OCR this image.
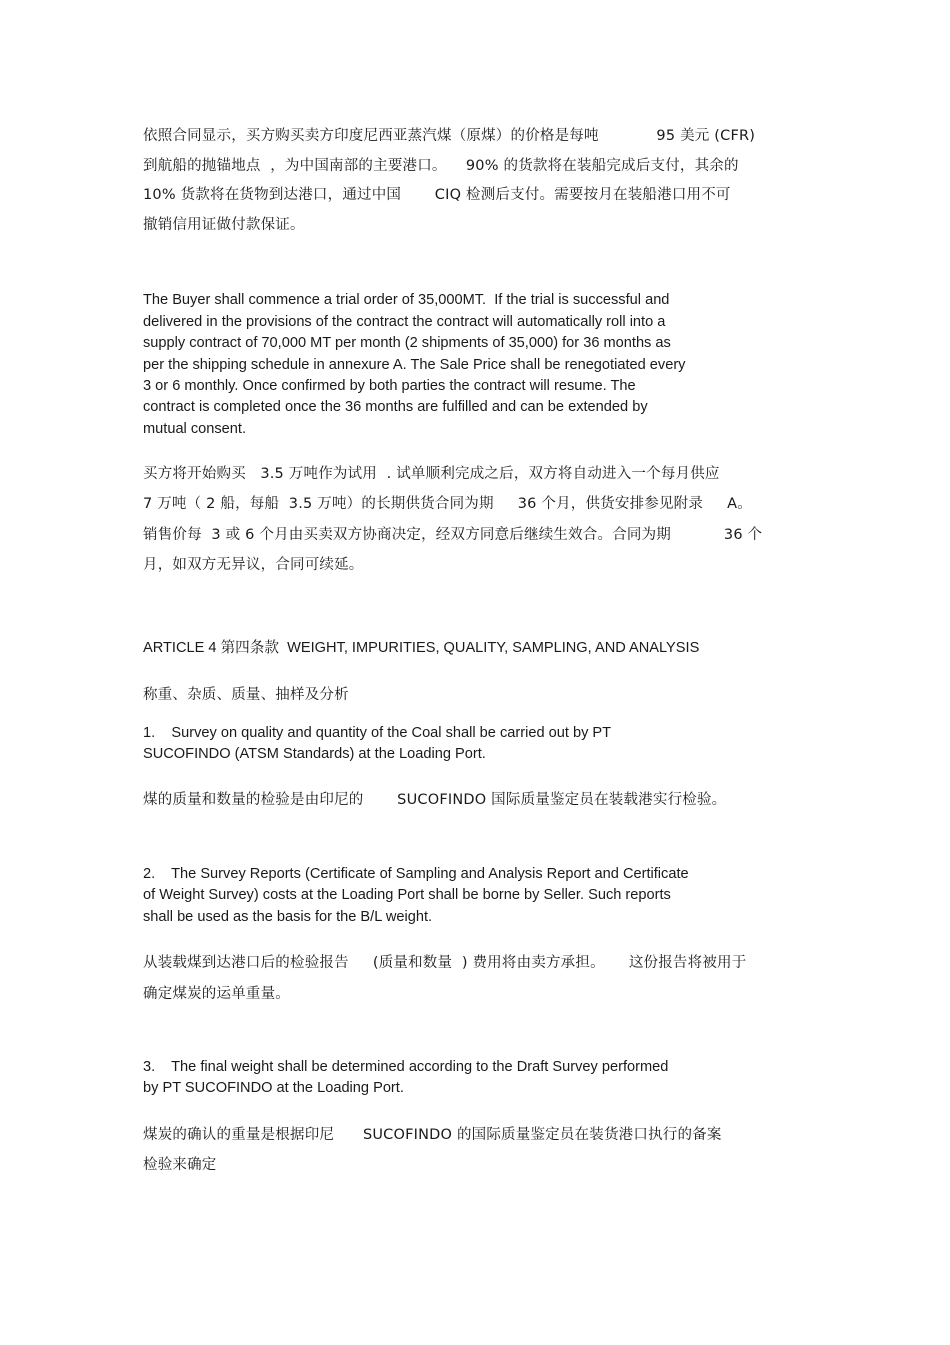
依照合同显示，买方购买卖方印度尼西亚蒸汽煤（原煤）的价格是每吨            95 美元 (CFR)

到航船的抛锚地点  ，为中国南部的主要港口。    90% 的货款将在装船完成后支付，其余的

10% 货款将在货物到达港口，通过中国       CIQ 检测后支付。需要按月在装船港口用不可

撤销信用证做付款保证。

The Buyer shall commence a trial order of 35,000MT.  If the trial is successful and

delivered in the provisions of the contract the contract will automatically roll into a

supply contract of 70,000 MT per month (2 shipments of 35,000) for 36 months as

per the shipping schedule in annexure A. The Sale Price shall be renegotiated every

3 or 6 monthly. Once confirmed by both parties the contract will resume. The

contract is completed once the 36 months are fulfilled and can be extended by

mutual consent.

买方将开始购买   3.5 万吨作为试用  . 试单顺利完成之后，双方将自动进入一个每月供应

7 万吨（ 2 船，每船  3.5 万吨）的长期供货合同为期     36 个月，供货安排参见附录     A。

销售价每  3 或 6 个月由买卖双方协商决定，经双方同意后继续生效合。合同为期           36 个

月，如双方无异议，合同可续延。

ARTICLE 4 第四条款  WEIGHT, IMPURITIES, QUALITY, SAMPLING, AND ANALYSIS

称重、杂质、质量、抽样及分析

1.    Survey on quality and quantity of the Coal shall be carried out by PT

SUCOFINDO (ATSM Standards) at the Loading Port.

煤的质量和数量的检验是由印尼的       SUCOFINDO 国际质量鉴定员在装载港实行检验。

2.    The Survey Reports (Certificate of Sampling and Analysis Report and Certificate

of Weight Survey) costs at the Loading Port shall be borne by Seller. Such reports

shall be used as the basis for the B/L weight.

从装载煤到达港口后的检验报告     (质量和数量  ) 费用将由卖方承担。     这份报告将被用于

确定煤炭的运单重量。

3.    The final weight shall be determined according to the Draft Survey performed

by PT SUCOFINDO at the Loading Port.

煤炭的确认的重量是根据印尼      SUCOFINDO 的国际质量鉴定员在装货港口执行的备案

检验来确定
